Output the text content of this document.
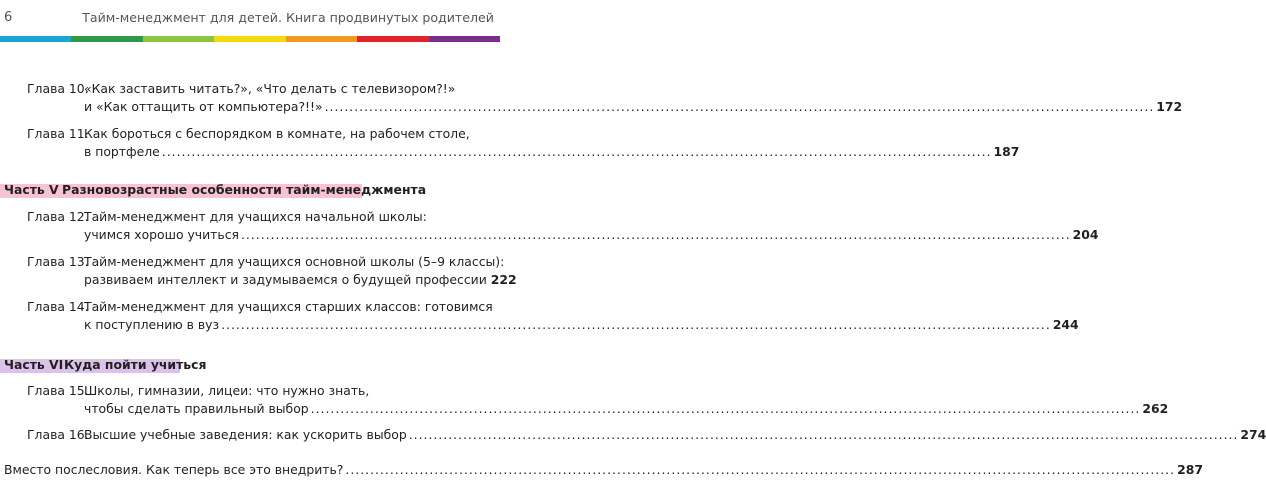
6	Тайм-менеджмент для детей. Книга продвинутых родителей
Глава 10.
«Как заставить читать?», «Что делать с телевизором?!»
и «Как оттащить от компьютера?!!» .....	172
Глава 11.
Как бороться с беспорядком в комнате, на рабочем столе,
в портфеле .....	187
Часть V Разновозрастные особенности тайм-менеджмента
Глава 12.
Тайм-менеджмент для учащихся начальной школы:
учимся хорошо учиться .....	204
Глава 13.
Тайм-менеджмент для учащихся основной школы (5–9 классы):
развиваем интеллект и задумываемся о будущей профессии 222
Глава 14.
Тайм-менеджмент для учащихся старших классов: готовимся
к поступлению в вуз .....	244
Часть VI Куда пойти учиться
Глава 15.
Школы, гимназии, лицеи: что нужно знать,
чтобы сделать правильный выбор .....	262
Глава 16.
Высшие учебные заведения: как ускорить выбор .....	274
Вместо послесловия. Как теперь все это внедрить? .....	287
